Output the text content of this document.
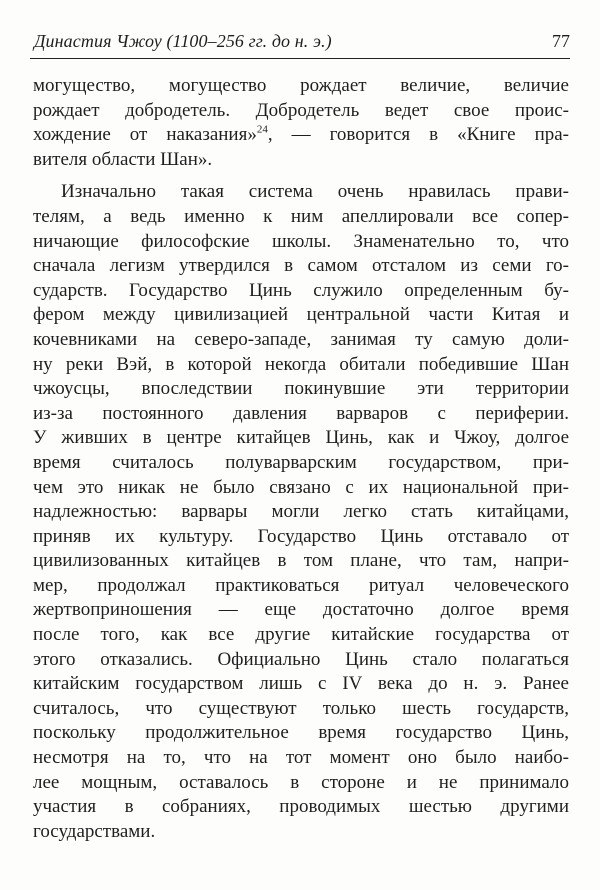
Династия Чжоу (1100–256 гг. до н. э.)	77
могущество, могущество рождает величие, величие
рождает добродетель. Добродетель ведет свое проис-
хождение от наказания»$^{24}$, — говорится в «Книге пра-
вителя области Шан».
Изначально такая система очень нравилась прави-
телям, а ведь именно к ним апеллировали все сопер-
ничающие философские школы. Знаменательно то, что
сначала легизм утвердился в самом отсталом из семи го-
сударств. Государство Цинь служило определенным бу-
фером между цивилизацией центральной части Китая и
кочевниками на северо-западе, занимая ту самую доли-
ну реки Вэй, в которой некогда обитали победившие Шан
чжоусцы, впоследствии покинувшие эти территории
из-за постоянного давления варваров с периферии.
У живших в центре китайцев Цинь, как и Чжоу, долгое
время считалось полуварварским государством, при-
чем это никак не было связано с их национальной при-
надлежностью: варвары могли легко стать китайцами,
приняв их культуру. Государство Цинь отставало от
цивилизованных китайцев в том плане, что там, напри-
мер, продолжал практиковаться ритуал человеческого
жертвоприношения — еще достаточно долгое время
после того, как все другие китайские государства от
этого отказались. Официально Цинь стало полагаться
китайским государством лишь с IV века до н. э. Ранее
считалось, что существуют только шесть государств,
поскольку продолжительное время государство Цинь,
несмотря на то, что на тот момент оно было наибо-
лее мощным, оставалось в стороне и не принимало
участия в собраниях, проводимых шестью другими
государствами.
